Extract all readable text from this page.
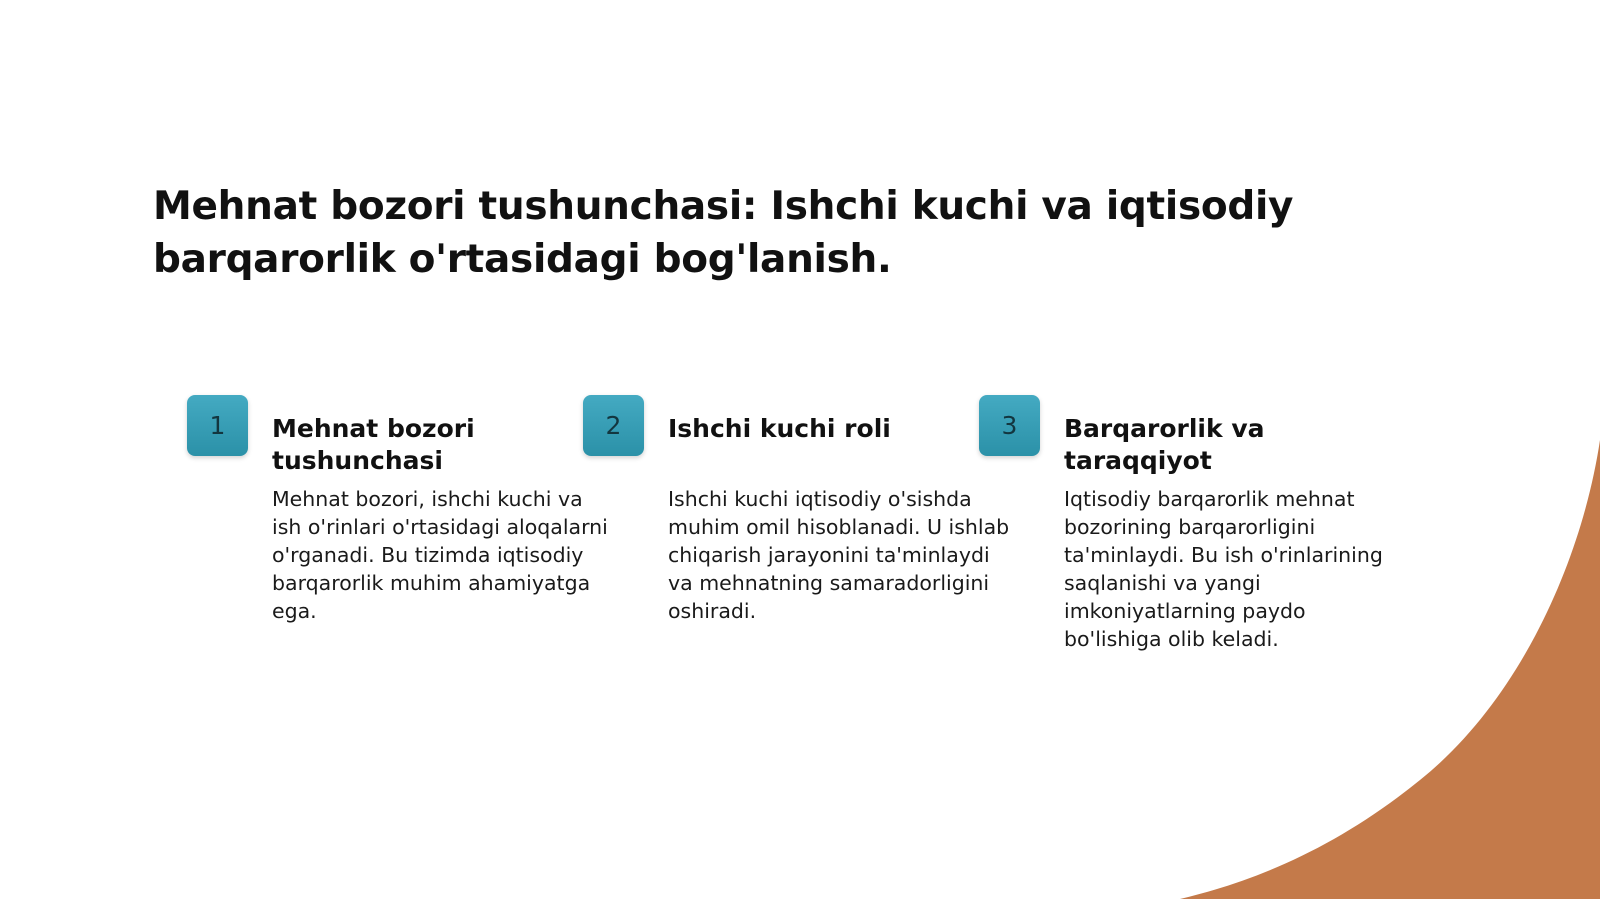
Mehnat bozori tushunchasi: Ishchi kuchi va iqtisodiy barqarorlik o'rtasidagi bog'lanish.
1	Mehnat bozori tushunchasi

Mehnat bozori, ishchi kuchi va ish o'rinlari o'rtasidagi aloqalarni o'rganadi. Bu tizimda iqtisodiy barqarorlik muhim ahamiyatga ega.

2	Ishchi kuchi roli

Ishchi kuchi iqtisodiy o'sishda muhim omil hisoblanadi. U ishlab chiqarish jarayonini ta'minlaydi va mehnatning samaradorligini oshiradi.

3	Barqarorlik va taraqqiyot

Iqtisodiy barqarorlik mehnat bozorining barqarorligini ta'minlaydi. Bu ish o'rinlarining saqlanishi va yangi imkoniyatlarning paydo bo'lishiga olib keladi.
